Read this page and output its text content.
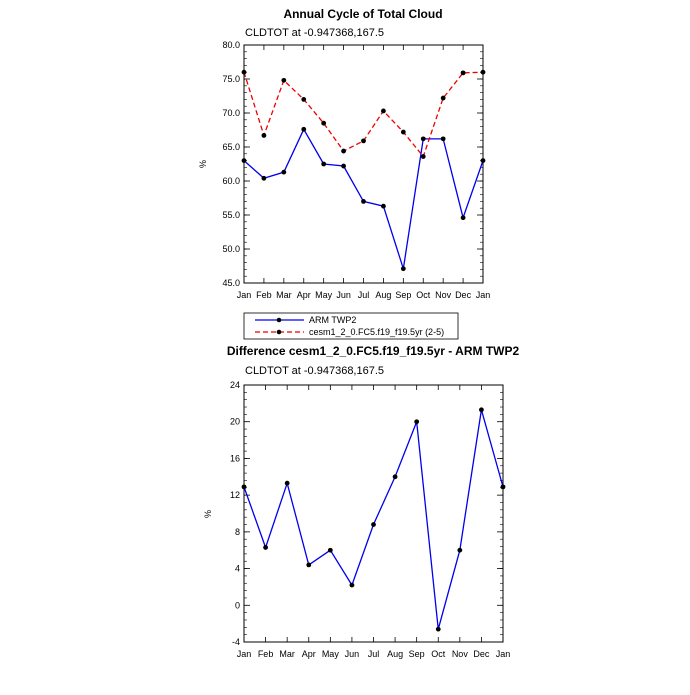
Annual Cycle of Total Cloud
CLDTOT at -0.947368,167.5
%
Difference cesm1_2_0.FC5.f19_f19.5yr - ARM TWP2
CLDTOT at -0.947368,167.5
%
ARM TWP2
cesm1_2_0.FC5.f19_f19.5yr (2-5)
Jan Feb Mar Apr May Jun Jul Aug Sep Oct Nov Dec Jan
45.0
50.0
55.0
60.0
65.0
70.0
75.0
80.0
Jan Feb Mar Apr May Jun Jul Aug Sep Oct Nov Dec Jan
-4
0
4
8
12
16
20
24
